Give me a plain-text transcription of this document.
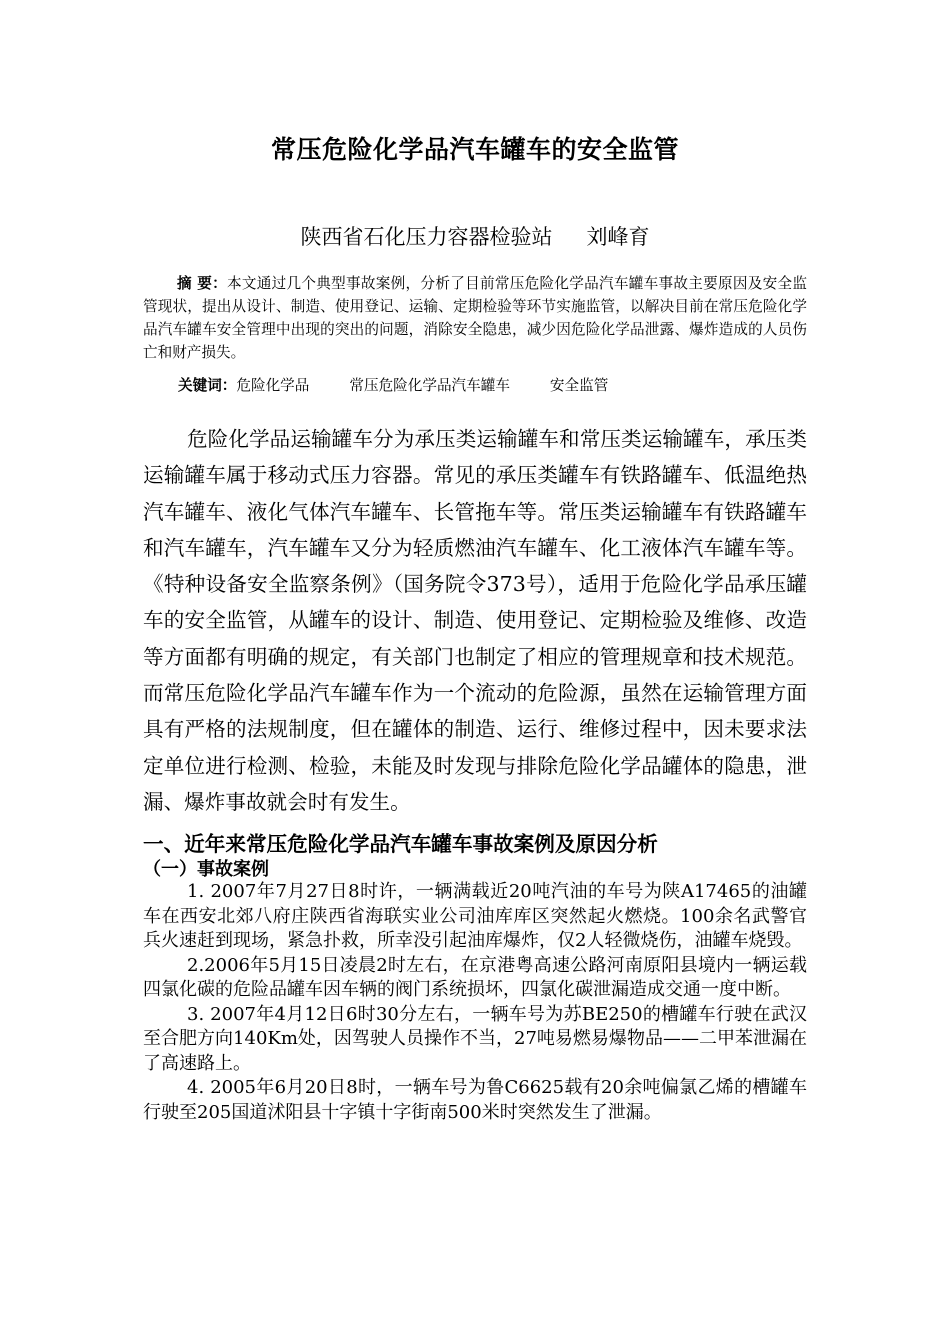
常压危险化学品汽车罐车的安全监管
陕西省石化压力容器检验站 刘峰育

摘 要：本文通过几个典型事故案例，分析了目前常压危险化学品汽车罐车事故主要原因及安全监管现状，提出从设计、制造、使用登记、运输、定期检验等环节实施监管，以解决目前在常压危险化学品汽车罐车安全管理中出现的突出的问题，消除安全隐患，减少因危险化学品泄露、爆炸造成的人员伤亡和财产损失。

关键词：危险化学品	常压危险化学品汽车罐车	安全监管

危险化学品运输罐车分为承压类运输罐车和常压类运输罐车，承压类运输罐车属于移动式压力容器。常见的承压类罐车有铁路罐车、低温绝热汽车罐车、液化气体汽车罐车、长管拖车等。常压类运输罐车有铁路罐车和汽车罐车，汽车罐车又分为轻质燃油汽车罐车、化工液体汽车罐车等。《特种设备安全监察条例》（国务院令373号），适用于危险化学品承压罐车的安全监管，从罐车的设计、制造、使用登记、定期检验及维修、改造等方面都有明确的规定，有关部门也制定了相应的管理规章和技术规范。而常压危险化学品汽车罐车作为一个流动的危险源，虽然在运输管理方面具有严格的法规制度，但在罐体的制造、运行、维修过程中，因未要求法定单位进行检测、检验，未能及时发现与排除危险化学品罐体的隐患，泄漏、爆炸事故就会时有发生。

一、近年来常压危险化学品汽车罐车事故案例及原因分析
（一）事故案例

1. 2007年7月27日8时许，一辆满载近20吨汽油的车号为陕A17465的油罐车在西安北郊八府庄陕西省海联实业公司油库库区突然起火燃烧。100余名武警官兵火速赶到现场，紧急扑救，所幸没引起油库爆炸，仅2人轻微烧伤，油罐车烧毁。

2.2006年5月15日凌晨2时左右，在京港粤高速公路河南原阳县境内一辆运载四氯化碳的危险品罐车因车辆的阀门系统损坏，四氯化碳泄漏造成交通一度中断。

3. 2007年4月12日6时30分左右，一辆车号为苏BE250的槽罐车行驶在武汉至合肥方向140Km处，因驾驶人员操作不当，27吨易燃易爆物品——二甲苯泄漏在了高速路上。

4. 2005年6月20日8时，一辆车号为鲁C6625载有20余吨偏氯乙烯的槽罐车行驶至205国道沭阳县十字镇十字街南500米时突然发生了泄漏。
